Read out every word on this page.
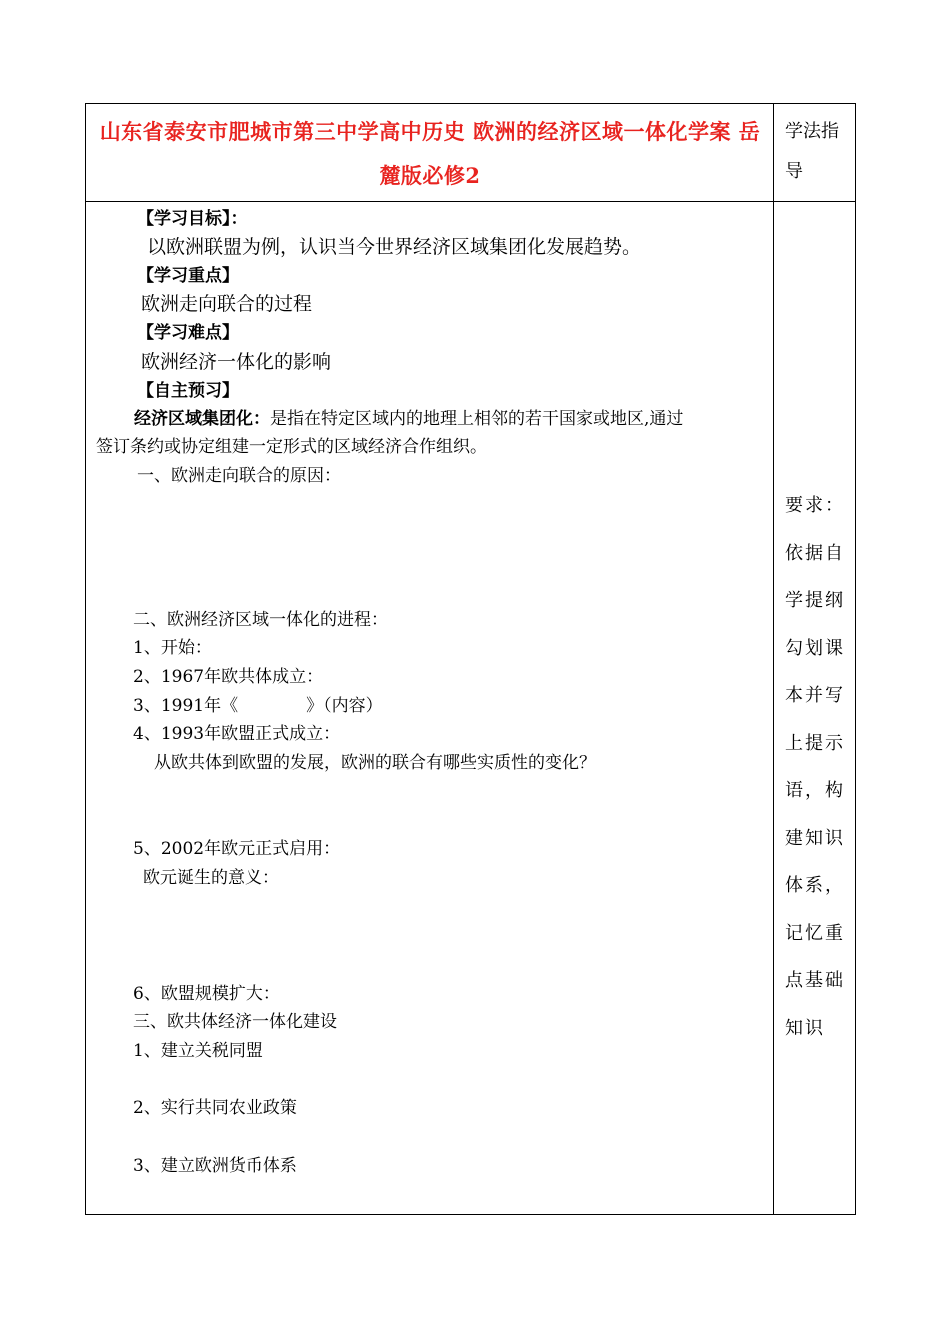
山东省泰安市肥城市第三中学高中历史 欧洲的经济区域一体化学案 岳麓版必修2
学法指导
要求：依据自学提纲勾划课本并写上提示语，构建知识体系，记忆重点基础知识
【学习目标】：
以欧洲联盟为例，认识当今世界经济区域集团化发展趋势。
【学习重点】
欧洲走向联合的过程
【学习难点】
欧洲经济一体化的影响
【自主预习】
经济区域集团化：是指在特定区域内的地理上相邻的若干国家或地区,通过
签订条约或协定组建一定形式的区域经济合作组织。
一、欧洲走向联合的原因：
二、欧洲经济区域一体化的进程：
1、开始：
2、1967年欧共体成立：
3、1991年《　　　　》（内容）
4、1993年欧盟正式成立：
从欧共体到欧盟的发展，欧洲的联合有哪些实质性的变化？
5、2002年欧元正式启用：
欧元诞生的意义：
6、欧盟规模扩大：
三、欧共体经济一体化建设
1、建立关税同盟
2、实行共同农业政策
3、建立欧洲货币体系
